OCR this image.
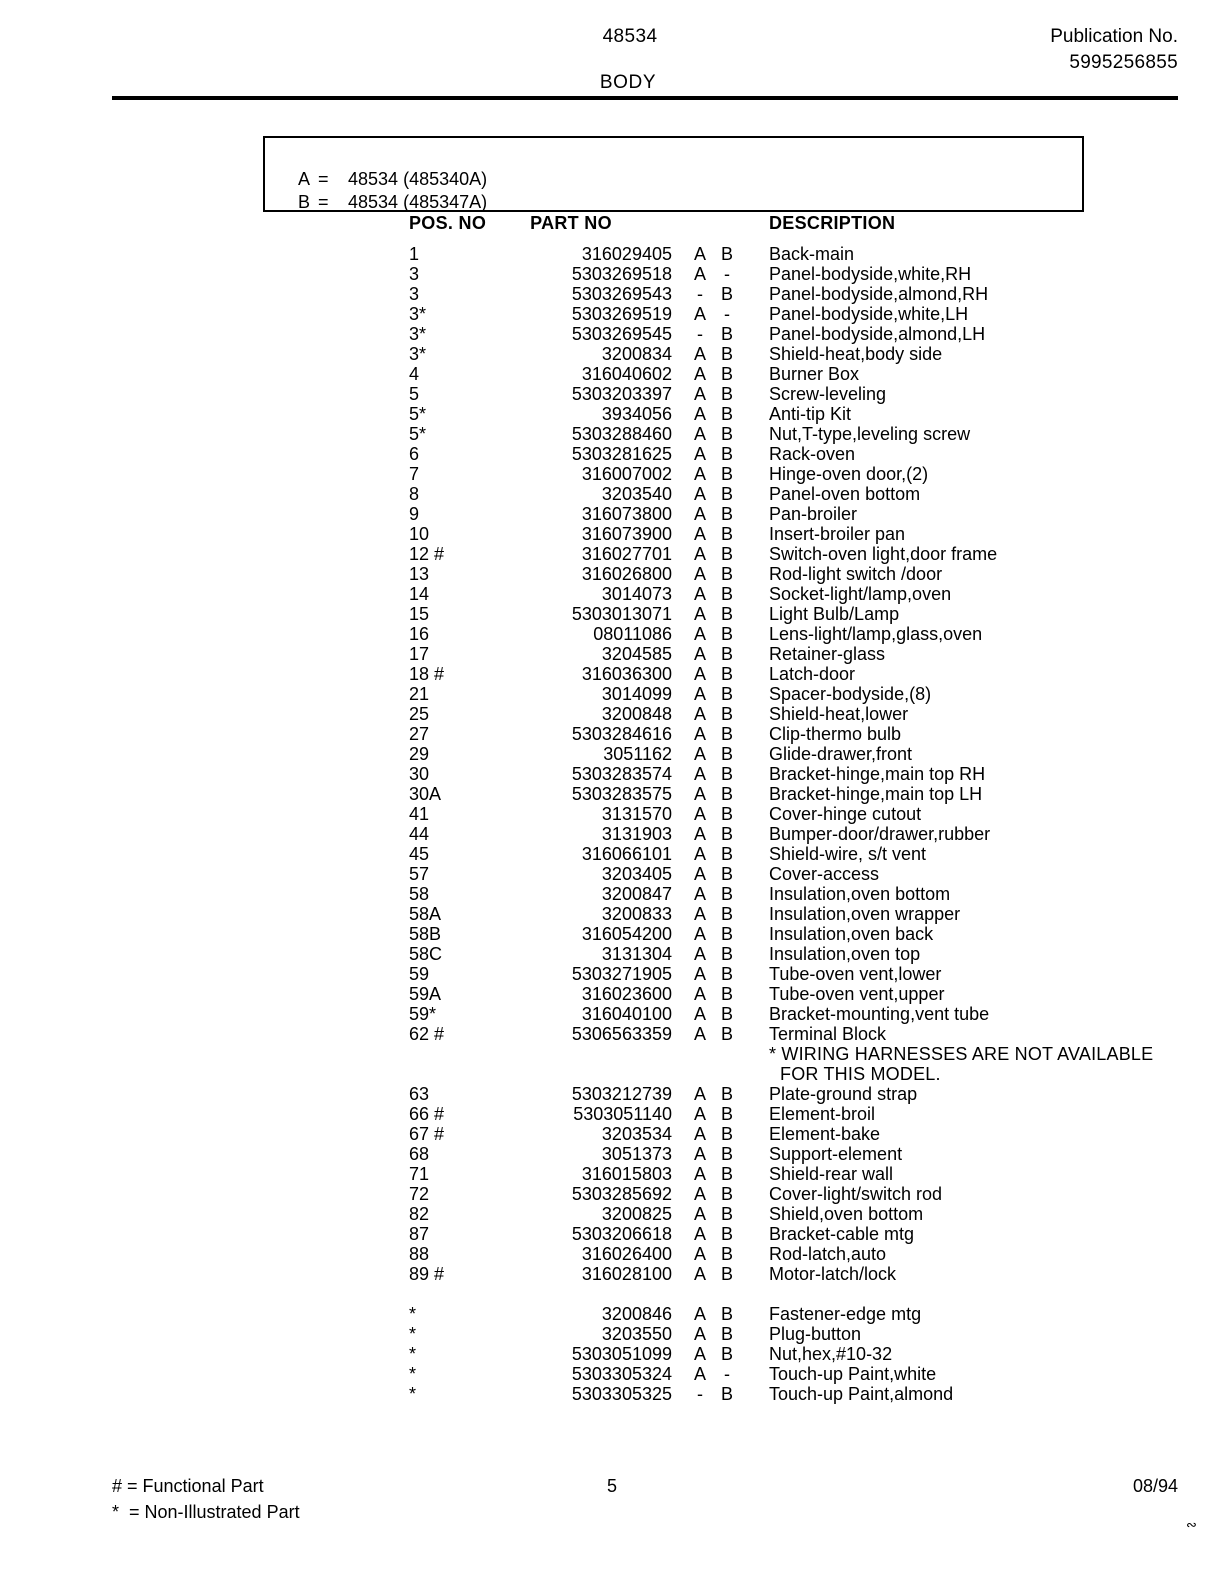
48534	Publication No.
5995256855
BODY

A = 48534 (485340A)

B = 48534 (485347A)

POS. NO	PART NO	DESCRIPTION
1	316029405 A B Back-main
3	5303269518 A - Panel-bodyside,white,RH
3	5303269543 - B Panel-bodyside,almond,RH
3*	5303269519 A - Panel-bodyside,white,LH
3*	5303269545 - B Panel-bodyside,almond,LH
3*	3200834 A B Shield-heat,body side
4	316040602 A B Burner Box
5	5303203397 A B Screw-leveling
5*	3934056 A B Anti-tip Kit
5*	5303288460 A B Nut,T-type,leveling screw
6	5303281625 A B Rack-oven
7	316007002 A B Hinge-oven door,(2)
8	3203540 A B Panel-oven bottom
9	316073800 A B Pan-broiler
10	316073900 A B Insert-broiler pan
12 #	316027701 A B Switch-oven light,door frame
13	316026800 A B Rod-light switch /door
14	3014073 A B Socket-light/lamp,oven
15	5303013071 A B Light Bulb/Lamp
16	08011086 A B Lens-light/lamp,glass,oven
17	3204585 A B Retainer-glass
18 #	316036300 A B Latch-door
21	3014099 A B Spacer-bodyside,(8)
25	3200848 A B Shield-heat,lower
27	5303284616 A B Clip-thermo bulb
29	3051162 A B Glide-drawer,front
30	5303283574 A B Bracket-hinge,main top RH
30A	5303283575 A B Bracket-hinge,main top LH
41	3131570 A B Cover-hinge cutout
44	3131903 A B Bumper-door/drawer,rubber
45	316066101 A B Shield-wire, s/t vent
57	3203405 A B Cover-access
58	3200847 A B Insulation,oven bottom
58A	3200833 A B Insulation,oven wrapper
58B	316054200 A B Insulation,oven back
58C	3131304 A B Insulation,oven top
59	5303271905 A B Tube-oven vent,lower
59A	316023600 A B Tube-oven vent,upper
59*	316040100 A B Bracket-mounting,vent tube
62 #	5306563359 A B Terminal Block
63	5303212739 A B Plate-ground strap
66 #	5303051140 A B Element-broil
67 #	3203534 A B Element-bake
68	3051373 A B Support-element
71	316015803 A B Shield-rear wall
72	5303285692 A B Cover-light/switch rod
82	3200825 A B Shield,oven bottom
87	5303206618 A B Bracket-cable mtg
88	316026400 A B Rod-latch,auto
89 #	316028100 A B Motor-latch/lock
*	3200846 A B Fastener-edge mtg
*	3203550 A B Plug-button
*	5303051099 A B Nut,hex,#10-32
*	5303305324 A - Touch-up Paint,white
*	5303305325 - B Touch-up Paint,almond
* WIRING HARNESSES ARE NOT AVAILABLE
FOR THIS MODEL.
# = Functional Part
*  = Non-Illustrated Part
5	08/94
∾
